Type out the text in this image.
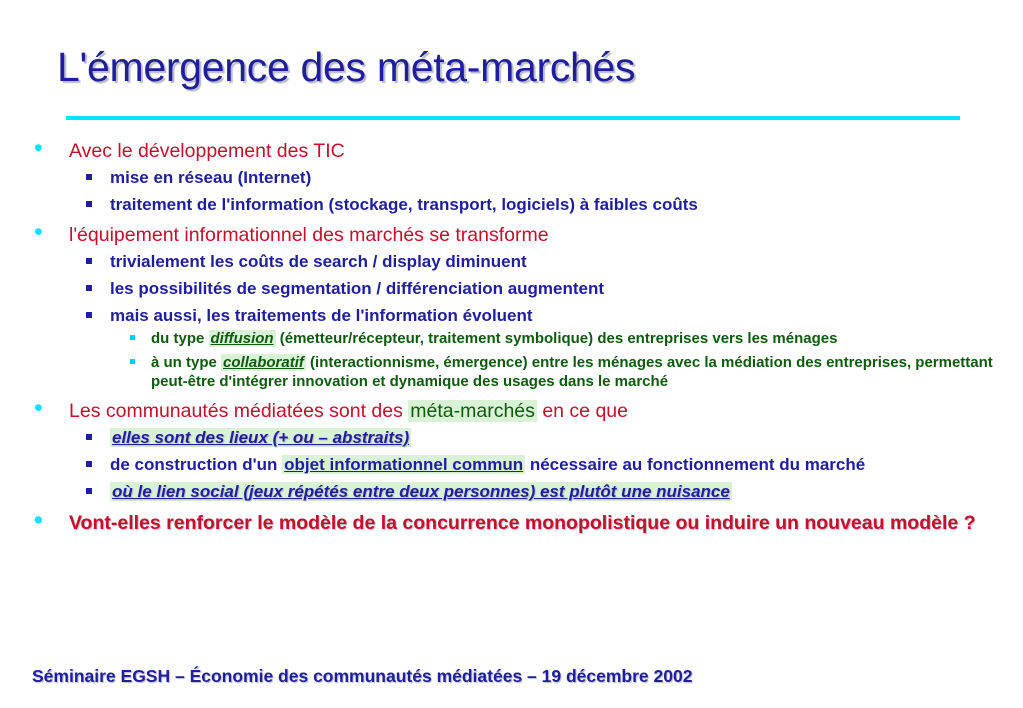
L'émergence des méta-marchés
• Avec le développement des TIC
mise en réseau (Internet)
traitement de l'information (stockage, transport, logiciels) à faibles coûts
• l'équipement informationnel des marchés se transforme
trivialement les coûts de search / display diminuent
les possibilités de segmentation / différenciation augmentent
mais aussi, les traitements de l'information évoluent
du type diffusion (émetteur/récepteur, traitement symbolique) des entreprises vers les ménages
à un type collaboratif (interactionnisme, émergence) entre les ménages avec la médiation des entreprises, permettant peut-être d'intégrer innovation et dynamique des usages dans le marché
• Les communautés médiatées sont des méta-marchés en ce que
elles sont des lieux (+ ou – abstraits)
de construction d'un objet informationnel commun nécessaire au fonctionnement du marché
où le lien social (jeux répétés entre deux personnes) est plutôt une nuisance
• Vont-elles renforcer le modèle de la concurrence monopolistique ou induire un nouveau modèle ?
Séminaire EGSH – Économie des communautés médiatées – 19 décembre 2002
